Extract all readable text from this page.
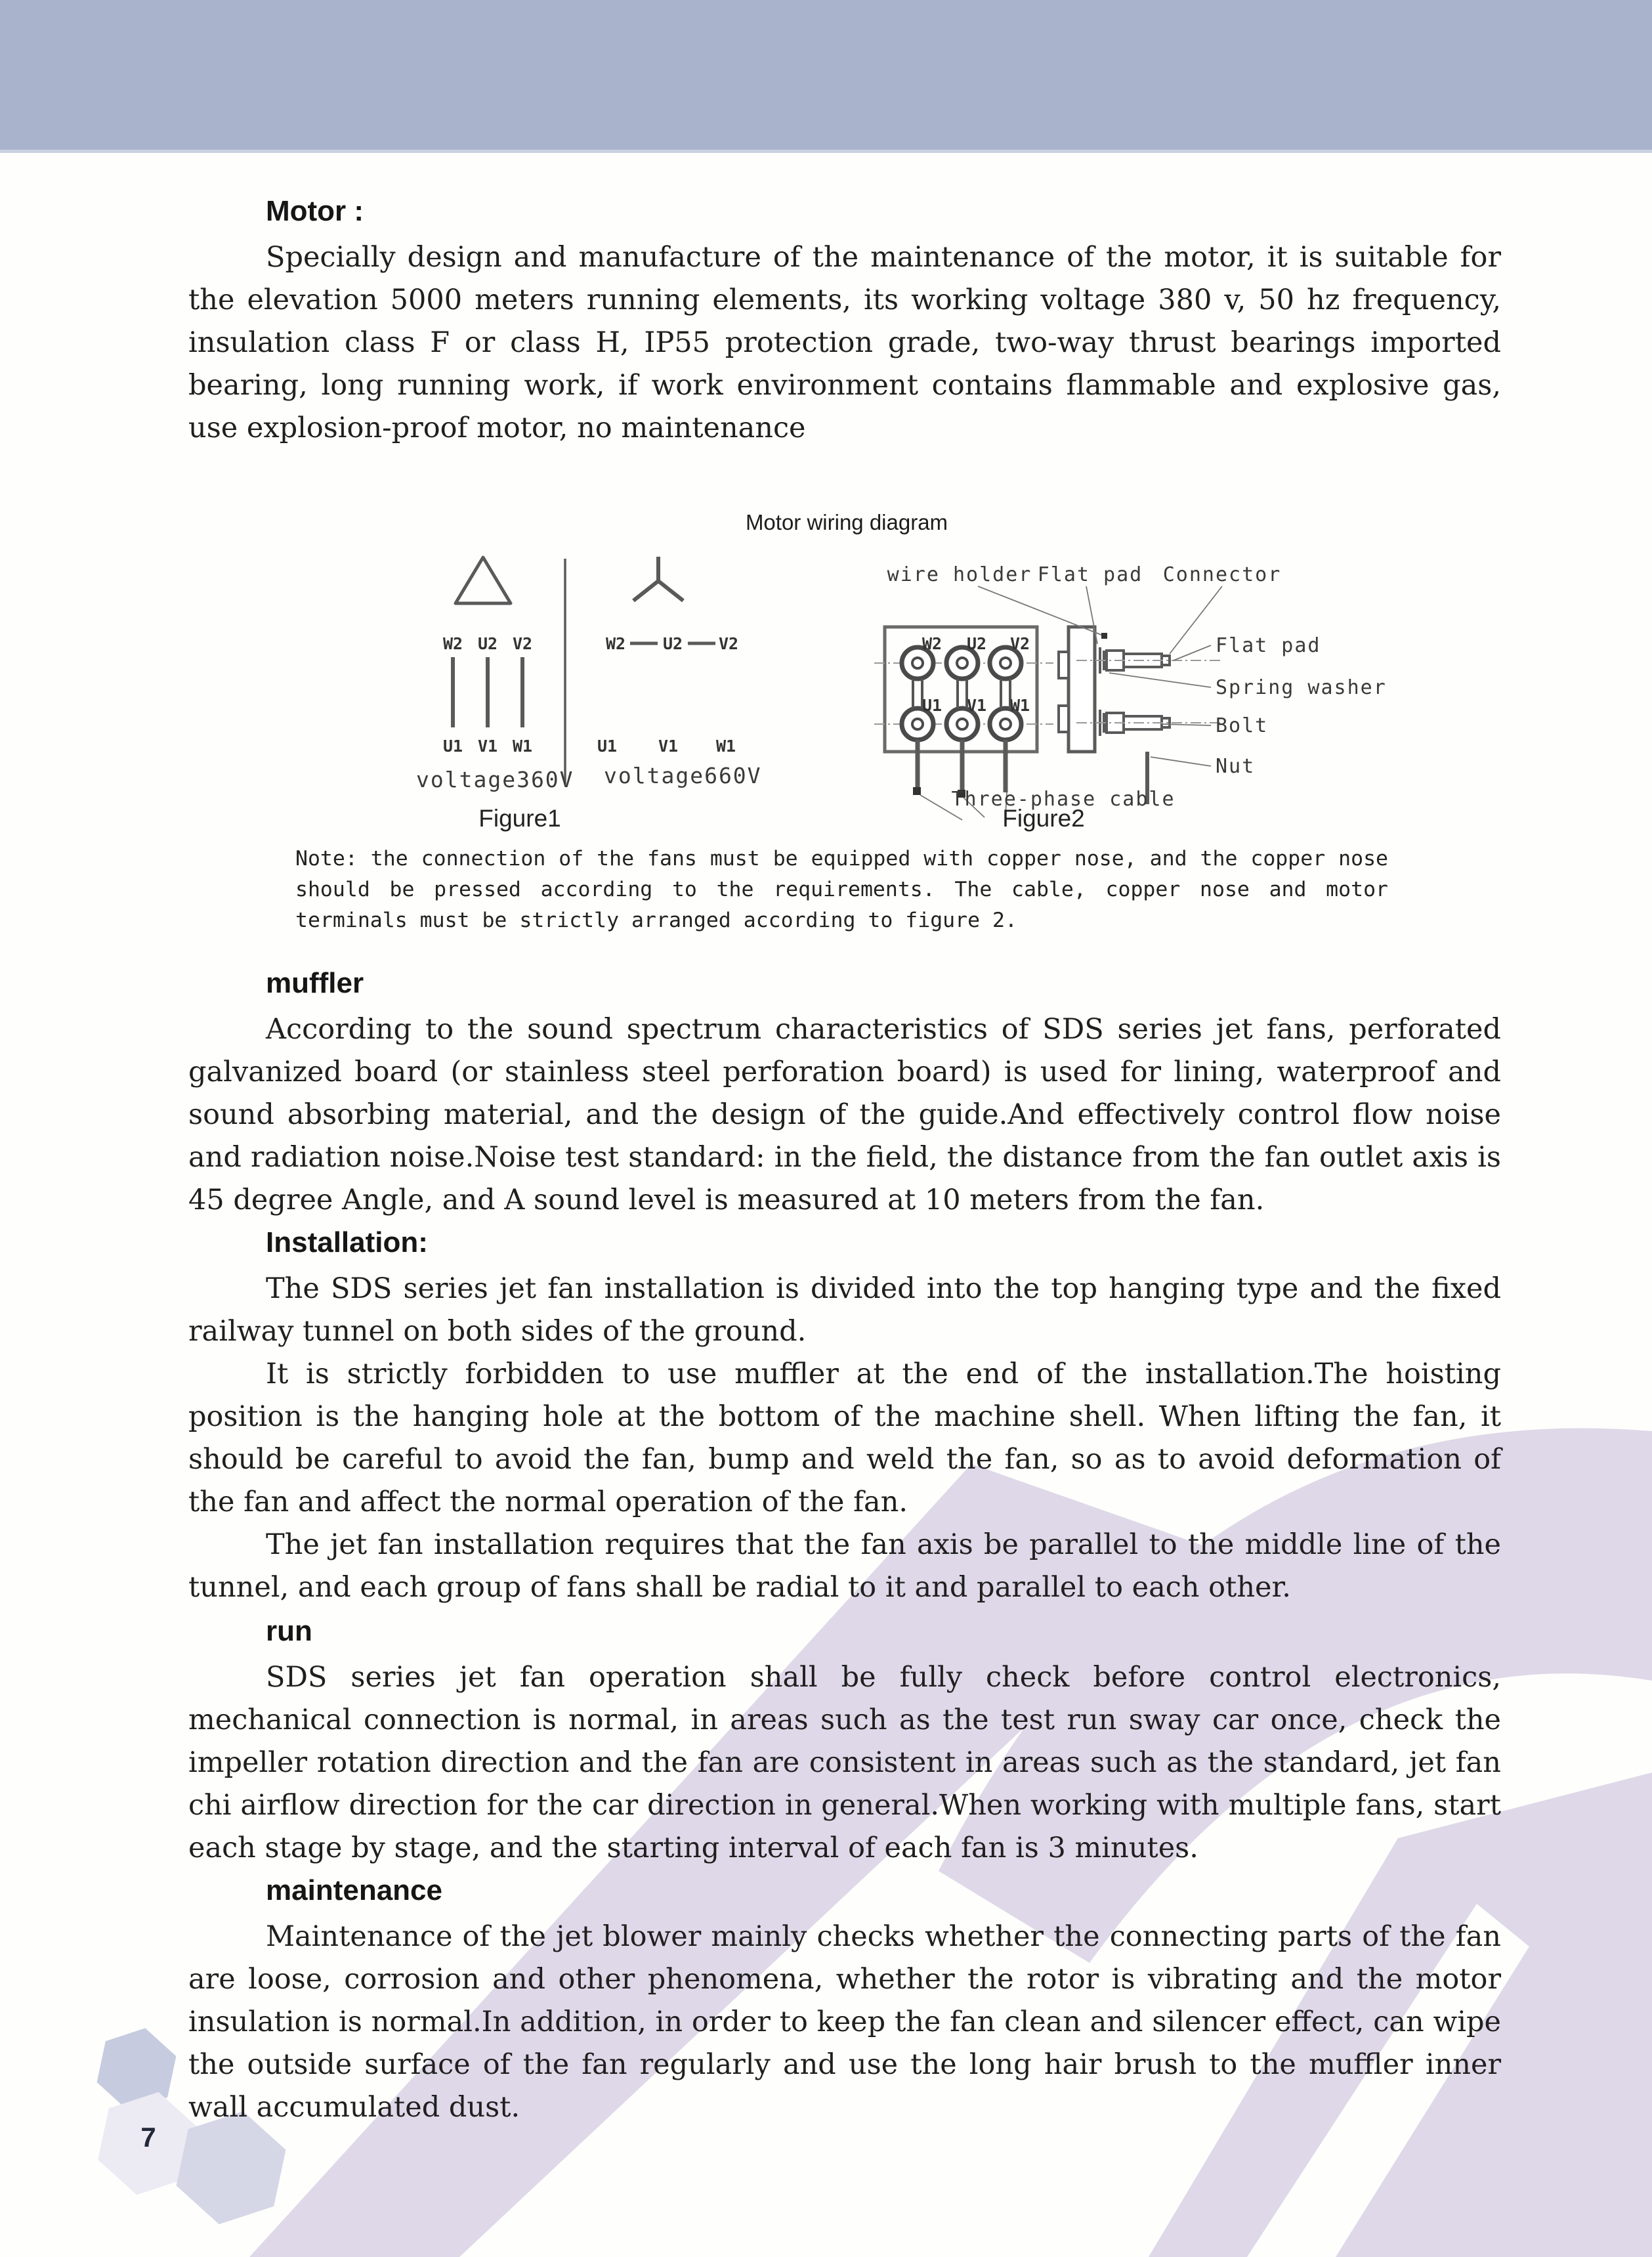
Motor :

Specially design and manufacture of the maintenance of the motor, it is suitable for the elevation 5000 meters running elements, its working voltage 380 v, 50 hz frequency, insulation class F or class H, IP55 protection grade, two-way thrust bearings imported bearing, long running work, if work environment contains flammable and explosive gas, use explosion-proof motor, no maintenance

Motor wiring diagram
W2 U2 V2
U1 V1 W1
W2 U2 V2
U1	V1 W1
voltage360V voltage660V
Figure1
wire holder Flat pad Connector
W2 U2 V2
U1 V1 W1
Flat pad
Spring washer
Bolt
Nut
Three-phase cable
Figure2
Note: the connection of the fans must be equipped with copper nose, and the copper nose should be pressed according to the requirements. The cable, copper nose and motor terminals must be strictly arranged according to figure 2.
muffler

According to the sound spectrum characteristics of SDS series jet fans, perforated galvanized board (or stainless steel perforation board) is used for lining, waterproof and sound absorbing material, and the design of the guide.And effectively control flow noise and radiation noise.Noise test standard: in the field, the distance from the fan outlet axis is 45 degree Angle, and A sound level is measured at 10 meters from the fan.

Installation:

The SDS series jet fan installation is divided into the top hanging type and the fixed railway tunnel on both sides of the ground.

It is strictly forbidden to use muffler at the end of the installation.The hoisting position is the hanging hole at the bottom of the machine shell. When lifting the fan, it should be careful to avoid the fan, bump and weld the fan, so as to avoid deformation of the fan and affect the normal operation of the fan.

The jet fan installation requires that the fan axis be parallel to the middle line of the tunnel, and each group of fans shall be radial to it and parallel to each other.

run

SDS series jet fan operation shall be fully check before control electronics, mechanical connection is normal, in areas such as the test run sway car once, check the impeller rotation direction and the fan are consistent in areas such as the standard, jet fan chi airflow direction for the car direction in general.When working with multiple fans, start each stage by stage, and the starting interval of each fan is 3 minutes.

maintenance

Maintenance of the jet blower mainly checks whether the connecting parts of the fan are loose, corrosion and other phenomena, whether the rotor is vibrating and the motor insulation is normal.In addition, in order to keep the fan clean and silencer effect, can wipe the outside surface of the fan regularly and use the long hair brush to the muffler inner wall accumulated dust.

7
